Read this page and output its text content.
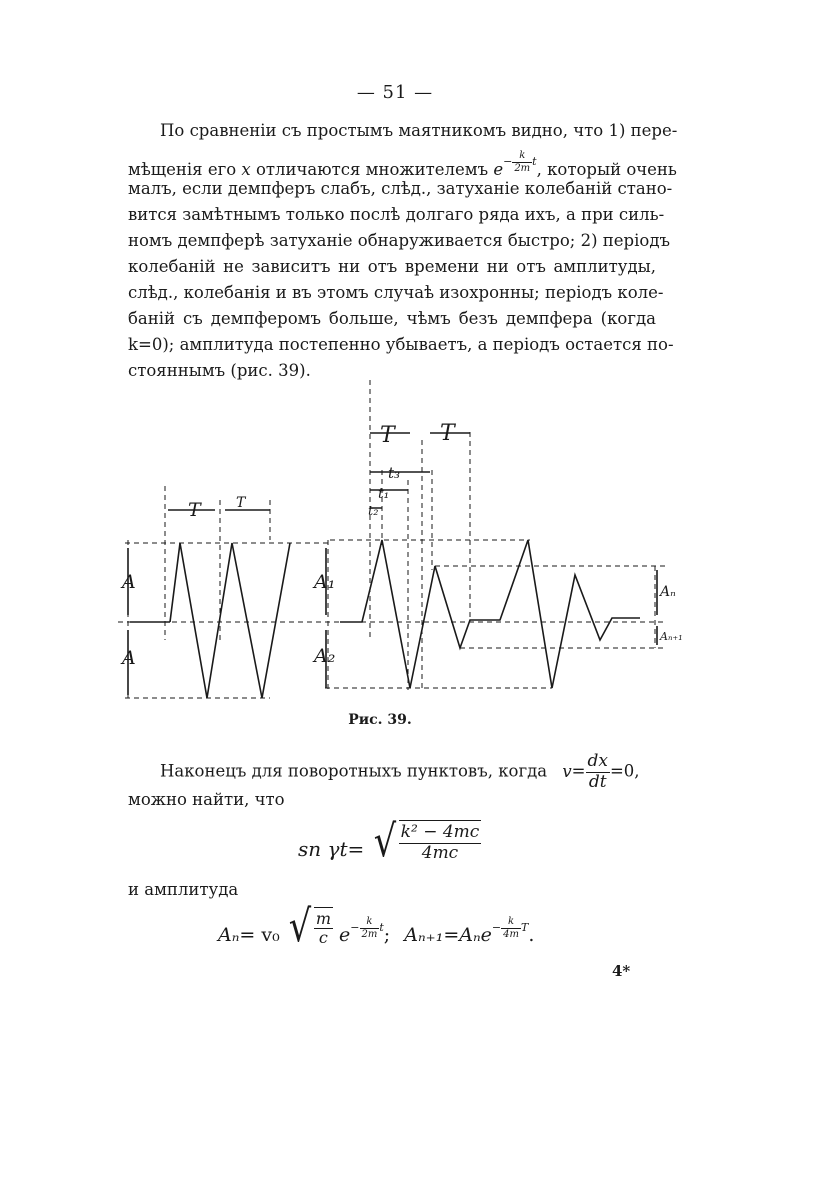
— 51 —
По сравненіи съ простымъ маятникомъ видно, что 1) пере-
мѣщенія его x отличаются множителемъ $e^{- \frac{k}{2m} t}$, который очень
малъ, если демпферъ слабъ, слѣд., затуханіе колебаній стано-
вится замѣтнымъ только послѣ долгаго ряда ихъ, а при силь-
номъ демпферѣ затуханіе обнаруживается быстро; 2) періодъ
колебаній не зависитъ ни отъ времени ни отъ амплитуды,
слѣд., колебанія и въ этомъ случаѣ изохронны; періодъ коле-
баній съ демпферомъ больше, чѣмъ безъ демпфера (когда
k=0); амплитуда постепенно убываетъ, а періодъ остается по-
стояннымъ (рис. 39).
T	T
T T
t₃
t₁
t₂
A
A
A₁
A₂
Aₙ
Aₙ₊₁
Рис. 39.
Наконецъ для поворотныхъ пунктовъ, когда $v= \frac{dx}{dt} =0$,
можно найти, что
sn γt= √ $\frac{\text{k² − 4mc}}{4mc}$
и амплитуда
Aₙ= v₀ √ $\frac{m}{c} e^{- \frac{k}{2m} t}$; Aₙ₊₁=Aₙe$^{- \frac{k}{4m} T}$.
4*
